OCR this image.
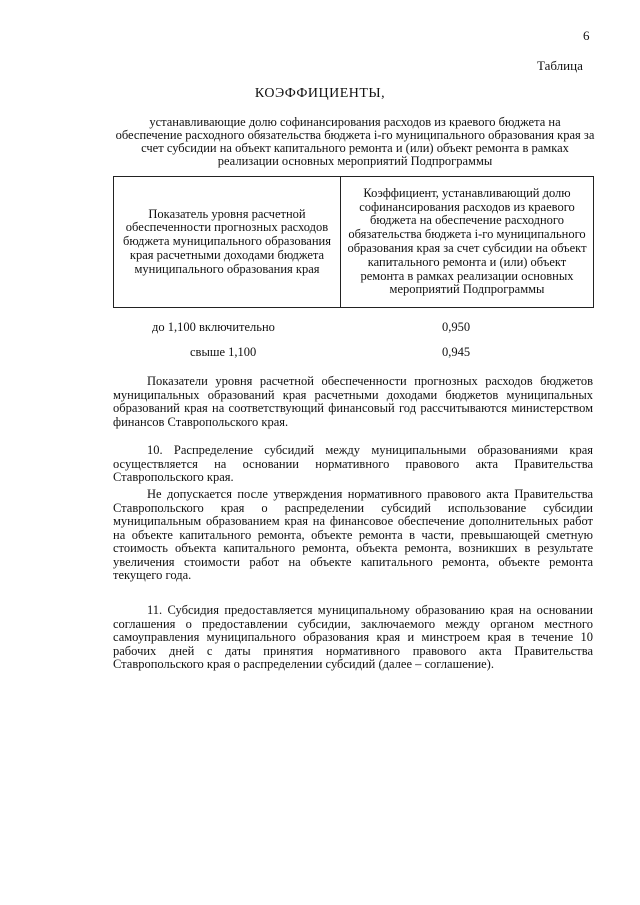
6
Таблица
КОЭФФИЦИЕНТЫ,
устанавливающие долю софинансирования расходов из краевого бюджета на обеспечение расходного обязательства бюджета i-го муниципального образования края за счет субсидии на объект капитального ремонта и (или) объект ремонта в рамках реализации основных мероприятий Подпрограммы
Показатель уровня расчетной обеспеченности прогнозных расходов бюджета муниципального образования края расчетными доходами бюджета муниципального образования края
Коэффициент, устанавливающий долю софинансирования расходов из краевого бюджета на обеспечение расходного обязательства бюджета i-го муниципального образования края за счет субсидии на объект капитального ремонта и (или) объект ремонта в рамках реализации основных мероприятий Подпрограммы
до 1,100 включительно	0,950
свыше 1,100	0,945
Показатели уровня расчетной обеспеченности прогнозных расходов бюджетов муниципальных образований края расчетными доходами бюджетов муниципальных образований края на соответствующий финансовый год рассчитываются министерством финансов Ставропольского края.
10. Распределение субсидий между муниципальными образованиями края осуществляется на основании нормативного правового акта Правительства Ставропольского края.
Не допускается после утверждения нормативного правового акта Правительства Ставропольского края о распределении субсидий использование субсидии муниципальным образованием края на финансовое обеспечение дополнительных работ на объекте капитального ремонта, объекте ремонта в части, превышающей сметную стоимость объекта капитального ремонта, объекта ремонта, возникших в результате увеличения стоимости работ на объекте капитального ремонта, объекте ремонта текущего года.
11. Субсидия предоставляется муниципальному образованию края на основании соглашения о предоставлении субсидии, заключаемого между органом местного самоуправления муниципального образования края и минстроем края в течение 10 рабочих дней с даты принятия нормативного правового акта Правительства Ставропольского края о распределении субсидий (далее – соглашение).
